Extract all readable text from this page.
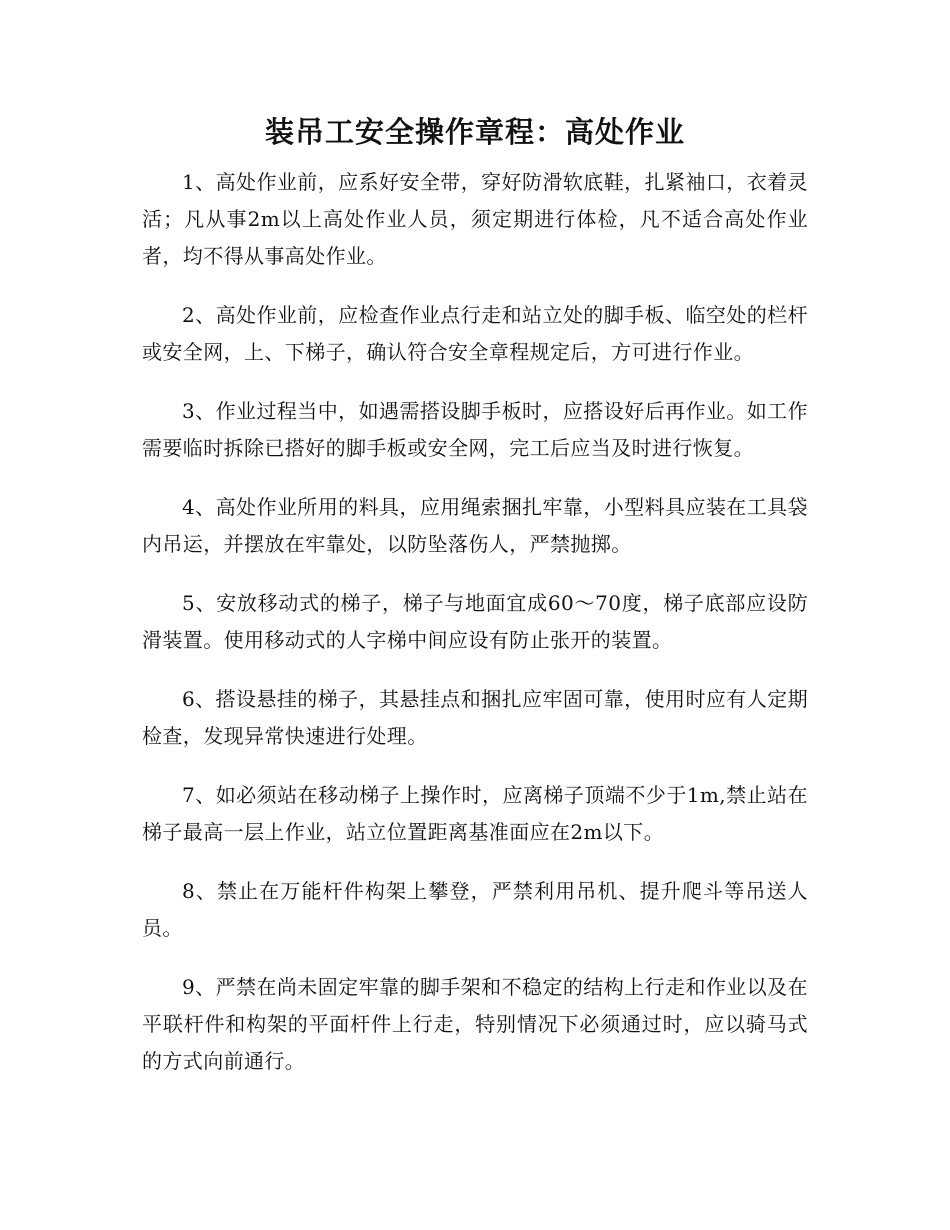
装吊工安全操作章程：高处作业

1、高处作业前，应系好安全带，穿好防滑软底鞋，扎紧袖口，衣着灵活；凡从事2m以上高处作业人员，须定期进行体检，凡不适合高处作业者，均不得从事高处作业。

2、高处作业前，应检查作业点行走和站立处的脚手板、临空处的栏杆或安全网，上、下梯子，确认符合安全章程规定后，方可进行作业。

3、作业过程当中，如遇需搭设脚手板时，应搭设好后再作业。如工作需要临时拆除已搭好的脚手板或安全网，完工后应当及时进行恢复。

4、高处作业所用的料具，应用绳索捆扎牢靠，小型料具应装在工具袋内吊运，并摆放在牢靠处，以防坠落伤人，严禁抛掷。

5、安放移动式的梯子，梯子与地面宜成60～70度，梯子底部应设防滑装置。使用移动式的人字梯中间应设有防止张开的装置。

6、搭设悬挂的梯子，其悬挂点和捆扎应牢固可靠，使用时应有人定期检查，发现异常快速进行处理。

7、如必须站在移动梯子上操作时，应离梯子顶端不少于1m,禁止站在梯子最高一层上作业，站立位置距离基准面应在2m以下。

8、禁止在万能杆件构架上攀登，严禁利用吊机、提升爬斗等吊送人员。

9、严禁在尚未固定牢靠的脚手架和不稳定的结构上行走和作业以及在平联杆件和构架的平面杆件上行走，特别情况下必须通过时，应以骑马式的方式向前通行。
